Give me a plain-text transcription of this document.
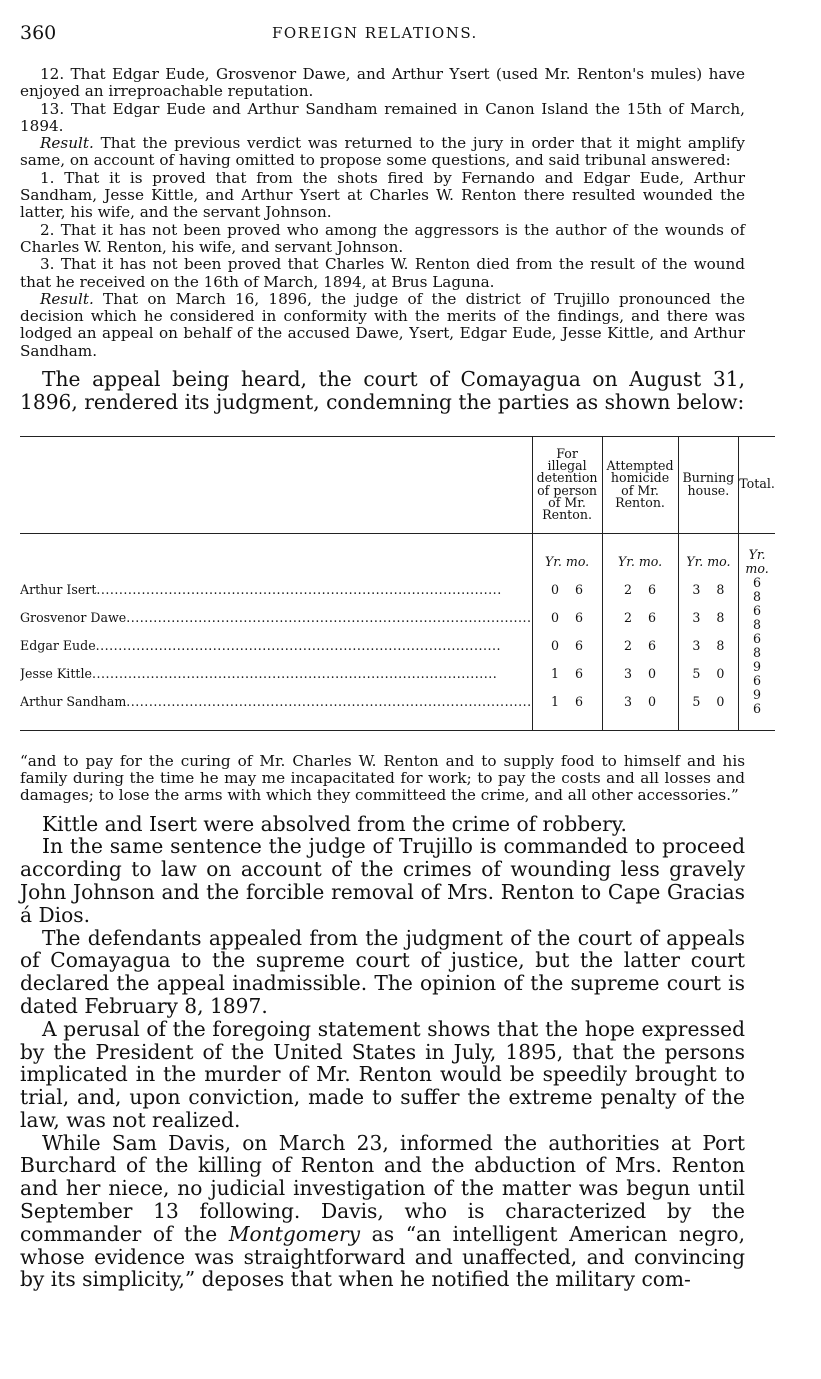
360	FOREIGN RELATIONS.

12. That Edgar Eude, Grosvenor Dawe, and Arthur Ysert (used Mr. Renton's mules) have enjoyed an irreproachable reputation.

13. That Edgar Eude and Arthur Sandham remained in Canon Island the 15th of March, 1894.

Result. That the previous verdict was returned to the jury in order that it might amplify same, on account of having omitted to propose some questions, and said tribunal answered:

1. That it is proved that from the shots fired by Fernando and Edgar Eude, Arthur Sandham, Jesse Kittle, and Arthur Ysert at Charles W. Renton there resulted wounded the latter, his wife, and the servant Johnson.

2. That it has not been proved who among the aggressors is the author of the wounds of Charles W. Renton, his wife, and servant Johnson.

3. That it has not been proved that Charles W. Renton died from the result of the wound that he received on the 16th of March, 1894, at Brus Laguna.

Result. That on March 16, 1896, the judge of the district of Trujillo pronounced the decision which he considered in conformity with the merits of the findings, and there was lodged an appeal on behalf of the accused Dawe, Ysert, Edgar Eude, Jesse Kittle, and Arthur Sandham.

The appeal being heard, the court of Comayagua on August 31, 1896, rendered its judgment, condemning the parties as shown below:

	For illegal detention of person of Mr. Renton.	Attempted homicide of Mr. Renton.	Burning house.	Total.
	Yr. mo.	Yr. mo.	Yr. mo.	Yr. mo.
Arthur Isert..........................................................................................	0 6	2 6	3 8	68
Grosvenor Dawe..........................................................................................	0 6	2 6	3 8	68
Edgar Eude..........................................................................................	0 6	2 6	3 8	68
Jesse Kittle..........................................................................................	1 6	3 0	5 0	96
Arthur Sandham..........................................................................................	1 6	3 0	5 0	96

“and to pay for the curing of Mr. Charles W. Renton and to supply food to himself and his family during the time he may me incapacitated for work; to pay the costs and all losses and damages; to lose the arms with which they committeed the crime, and all other accessories.”

Kittle and Isert were absolved from the crime of robbery.

In the same sentence the judge of Trujillo is commanded to proceed according to law on account of the crimes of wounding less gravely John Johnson and the forcible removal of Mrs. Renton to Cape Gracias á Dios.

The defendants appealed from the judgment of the court of appeals of Comayagua to the supreme court of justice, but the latter court declared the appeal inadmissible. The opinion of the supreme court is dated February 8, 1897.

A perusal of the foregoing statement shows that the hope expressed by the President of the United States in July, 1895, that the persons implicated in the murder of Mr. Renton would be speedily brought to trial, and, upon conviction, made to suffer the extreme penalty of the law, was not realized.

While Sam Davis, on March 23, informed the authorities at Port Burchard of the killing of Renton and the abduction of Mrs. Renton and her niece, no judicial investigation of the matter was begun until September 13 following. Davis, who is characterized by the commander of the Montgomery as “an intelligent American negro, whose evidence was straightforward and unaffected, and convincing by its simplicity,” deposes that when he notified the military com-
